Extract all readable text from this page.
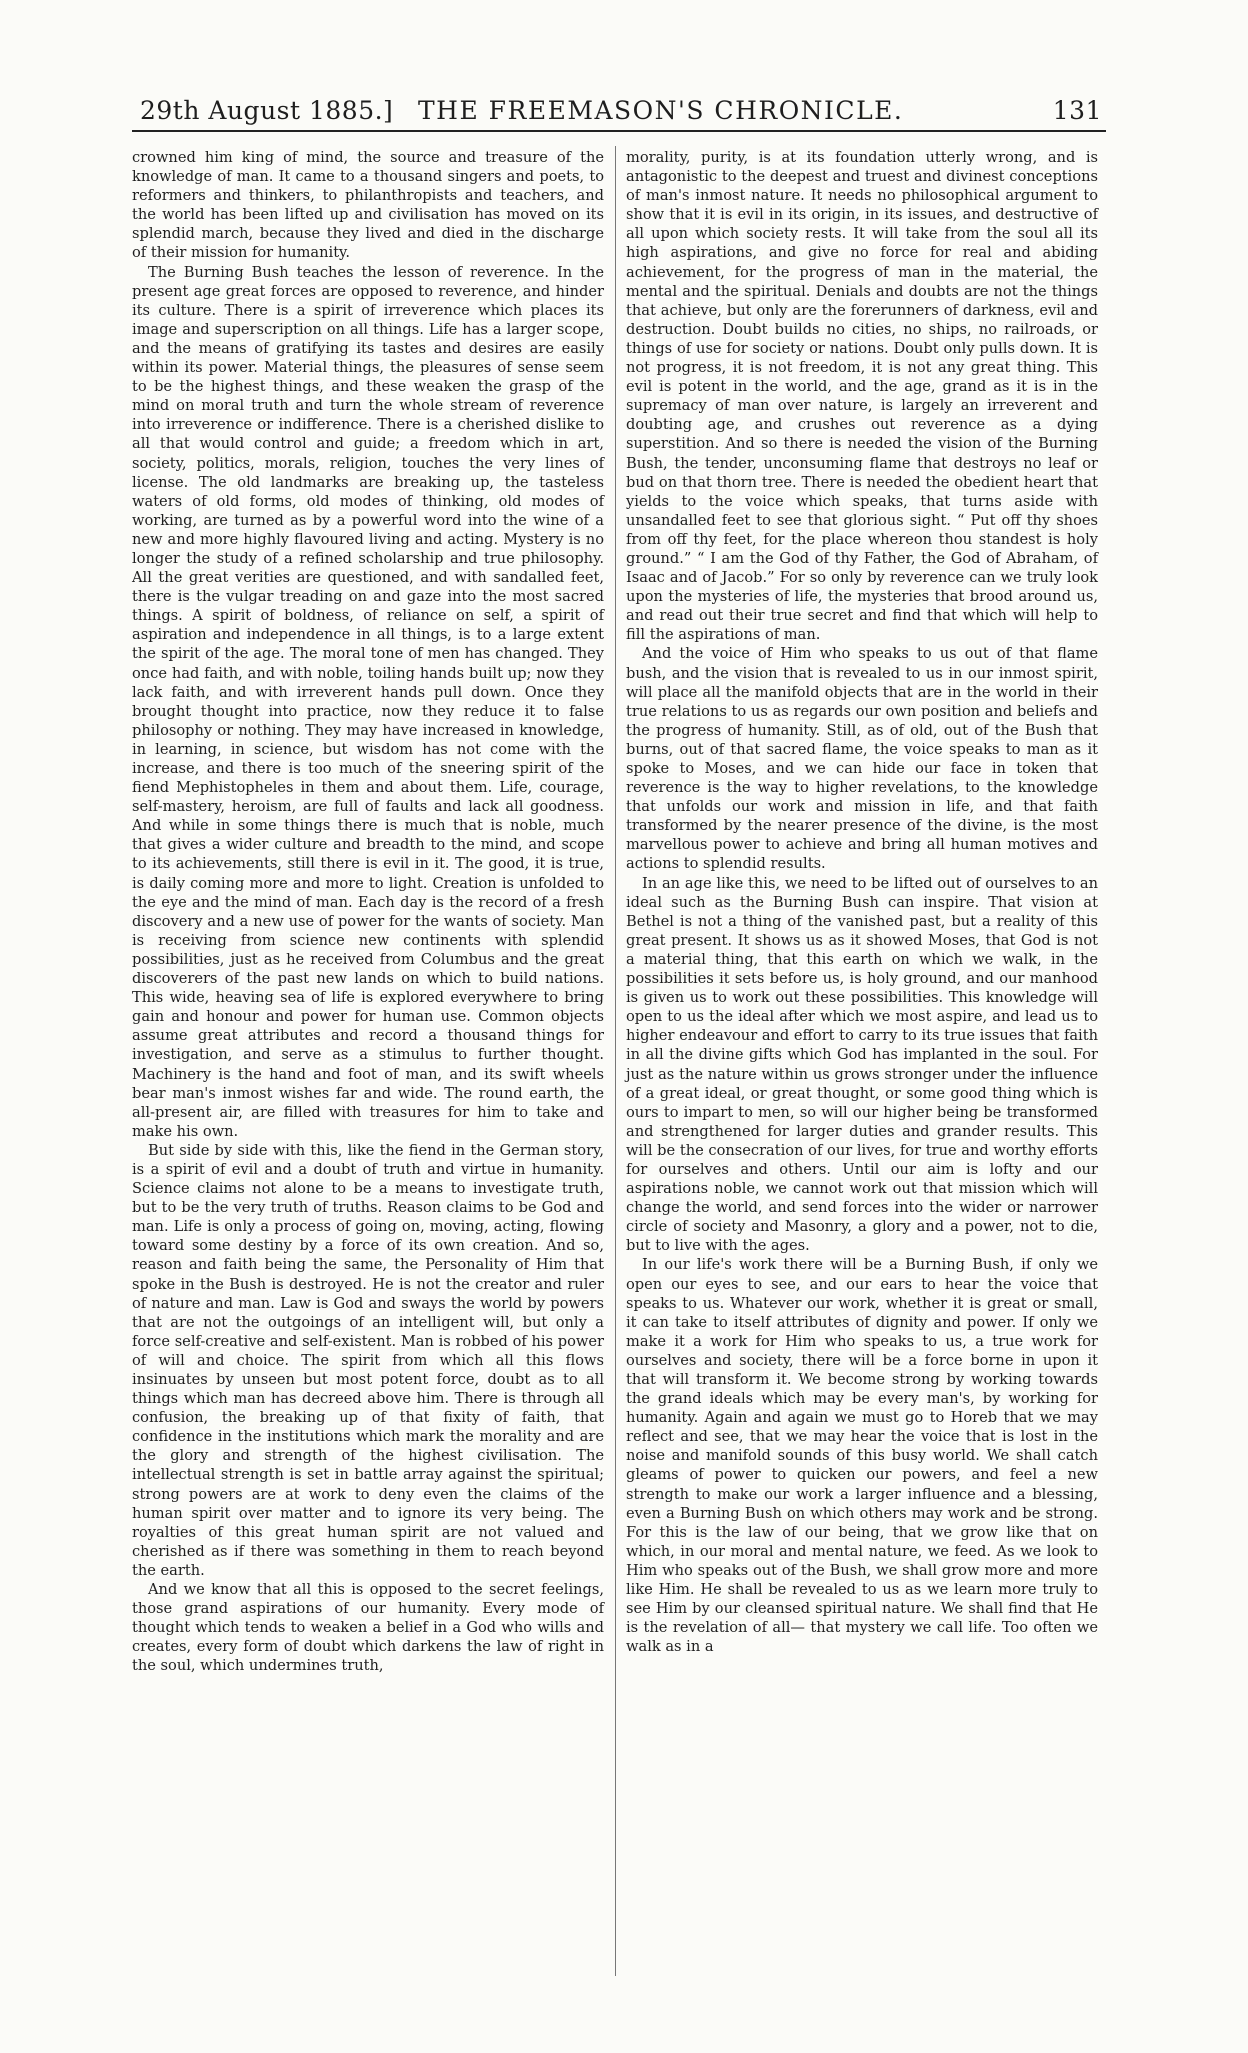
29th August 1885.] THE FREEMASON'S CHRONICLE.	131

crowned him king of mind, the source and treasure of the knowledge of man. It came to a thousand singers and poets, to reformers and thinkers, to philanthropists and teachers, and the world has been lifted up and civilisation has moved on its splendid march, because they lived and died in the discharge of their mission for humanity.

The Burning Bush teaches the lesson of reverence. In the present age great forces are opposed to reverence, and hinder its culture. There is a spirit of irreverence which places its image and superscription on all things. Life has a larger scope, and the means of gratifying its tastes and desires are easily within its power. Material things, the pleasures of sense seem to be the highest things, and these weaken the grasp of the mind on moral truth and turn the whole stream of reverence into irreverence or indifference. There is a cherished dislike to all that would control and guide; a freedom which in art, society, politics, morals, religion, touches the very lines of license. The old landmarks are breaking up, the tasteless waters of old forms, old modes of thinking, old modes of working, are turned as by a powerful word into the wine of a new and more highly flavoured living and acting. Mystery is no longer the study of a refined scholarship and true philosophy. All the great verities are questioned, and with sandalled feet, there is the vulgar treading on and gaze into the most sacred things. A spirit of boldness, of reliance on self, a spirit of aspiration and independence in all things, is to a large extent the spirit of the age. The moral tone of men has changed. They once had faith, and with noble, toiling hands built up; now they lack faith, and with irreverent hands pull down. Once they brought thought into practice, now they reduce it to false philosophy or nothing. They may have increased in knowledge, in learning, in science, but wisdom has not come with the increase, and there is too much of the sneering spirit of the fiend Mephistopheles in them and about them. Life, courage, self-mastery, heroism, are full of faults and lack all goodness. And while in some things there is much that is noble, much that gives a wider culture and breadth to the mind, and scope to its achievements, still there is evil in it. The good, it is true, is daily coming more and more to light. Creation is unfolded to the eye and the mind of man. Each day is the record of a fresh discovery and a new use of power for the wants of society. Man is receiving from science new continents with splendid possibilities, just as he received from Columbus and the great discoverers of the past new lands on which to build nations. This wide, heaving sea of life is explored everywhere to bring gain and honour and power for human use. Common objects assume great attributes and record a thousand things for investigation, and serve as a stimulus to further thought. Machinery is the hand and foot of man, and its swift wheels bear man's inmost wishes far and wide. The round earth, the all-present air, are filled with treasures for him to take and make his own.

But side by side with this, like the fiend in the German story, is a spirit of evil and a doubt of truth and virtue in humanity. Science claims not alone to be a means to investigate truth, but to be the very truth of truths. Reason claims to be God and man. Life is only a process of going on, moving, acting, flowing toward some destiny by a force of its own creation. And so, reason and faith being the same, the Personality of Him that spoke in the Bush is destroyed. He is not the creator and ruler of nature and man. Law is God and sways the world by powers that are not the outgoings of an intelligent will, but only a force self-creative and self-existent. Man is robbed of his power of will and choice. The spirit from which all this flows insinuates by unseen but most potent force, doubt as to all things which man has decreed above him. There is through all confusion, the breaking up of that fixity of faith, that confidence in the institutions which mark the morality and are the glory and strength of the highest civilisation. The intellectual strength is set in battle array against the spiritual; strong powers are at work to deny even the claims of the human spirit over matter and to ignore its very being. The royalties of this great human spirit are not valued and cherished as if there was something in them to reach beyond the earth.

And we know that all this is opposed to the secret feelings, those grand aspirations of our humanity. Every mode of thought which tends to weaken a belief in a God who wills and creates, every form of doubt which darkens the law of right in the soul, which undermines truth,

morality, purity, is at its foundation utterly wrong, and is antagonistic to the deepest and truest and divinest conceptions of man's inmost nature. It needs no philosophical argument to show that it is evil in its origin, in its issues, and destructive of all upon which society rests. It will take from the soul all its high aspirations, and give no force for real and abiding achievement, for the progress of man in the material, the mental and the spiritual. Denials and doubts are not the things that achieve, but only are the forerunners of darkness, evil and destruction. Doubt builds no cities, no ships, no railroads, or things of use for society or nations. Doubt only pulls down. It is not progress, it is not freedom, it is not any great thing. This evil is potent in the world, and the age, grand as it is in the supremacy of man over nature, is largely an irreverent and doubting age, and crushes out reverence as a dying superstition. And so there is needed the vision of the Burning Bush, the tender, unconsuming flame that destroys no leaf or bud on that thorn tree. There is needed the obedient heart that yields to the voice which speaks, that turns aside with unsandalled feet to see that glorious sight. “ Put off thy shoes from off thy feet, for the place whereon thou standest is holy ground.” “ I am the God of thy Father, the God of Abraham, of Isaac and of Jacob.” For so only by reverence can we truly look upon the mysteries of life, the mysteries that brood around us, and read out their true secret and find that which will help to fill the aspirations of man.

And the voice of Him who speaks to us out of that flame bush, and the vision that is revealed to us in our inmost spirit, will place all the manifold objects that are in the world in their true relations to us as regards our own position and beliefs and the progress of humanity. Still, as of old, out of the Bush that burns, out of that sacred flame, the voice speaks to man as it spoke to Moses, and we can hide our face in token that reverence is the way to higher revelations, to the knowledge that unfolds our work and mission in life, and that faith transformed by the nearer presence of the divine, is the most marvellous power to achieve and bring all human motives and actions to splendid results.

In an age like this, we need to be lifted out of ourselves to an ideal such as the Burning Bush can inspire. That vision at Bethel is not a thing of the vanished past, but a reality of this great present. It shows us as it showed Moses, that God is not a material thing, that this earth on which we walk, in the possibilities it sets before us, is holy ground, and our manhood is given us to work out these possibilities. This knowledge will open to us the ideal after which we most aspire, and lead us to higher endeavour and effort to carry to its true issues that faith in all the divine gifts which God has implanted in the soul. For just as the nature within us grows stronger under the influence of a great ideal, or great thought, or some good thing which is ours to impart to men, so will our higher being be transformed and strengthened for larger duties and grander results. This will be the consecration of our lives, for true and worthy efforts for ourselves and others. Until our aim is lofty and our aspirations noble, we cannot work out that mission which will change the world, and send forces into the wider or narrower circle of society and Masonry, a glory and a power, not to die, but to live with the ages.

In our life's work there will be a Burning Bush, if only we open our eyes to see, and our ears to hear the voice that speaks to us. Whatever our work, whether it is great or small, it can take to itself attributes of dignity and power. If only we make it a work for Him who speaks to us, a true work for ourselves and society, there will be a force borne in upon it that will transform it. We become strong by working towards the grand ideals which may be every man's, by working for humanity. Again and again we must go to Horeb that we may reflect and see, that we may hear the voice that is lost in the noise and manifold sounds of this busy world. We shall catch gleams of power to quicken our powers, and feel a new strength to make our work a larger influence and a blessing, even a Burning Bush on which others may work and be strong. For this is the law of our being, that we grow like that on which, in our moral and mental nature, we feed. As we look to Him who speaks out of the Bush, we shall grow more and more like Him. He shall be revealed to us as we learn more truly to see Him by our cleansed spiritual nature. We shall find that He is the revelation of all— that mystery we call life. Too often we walk as in a
